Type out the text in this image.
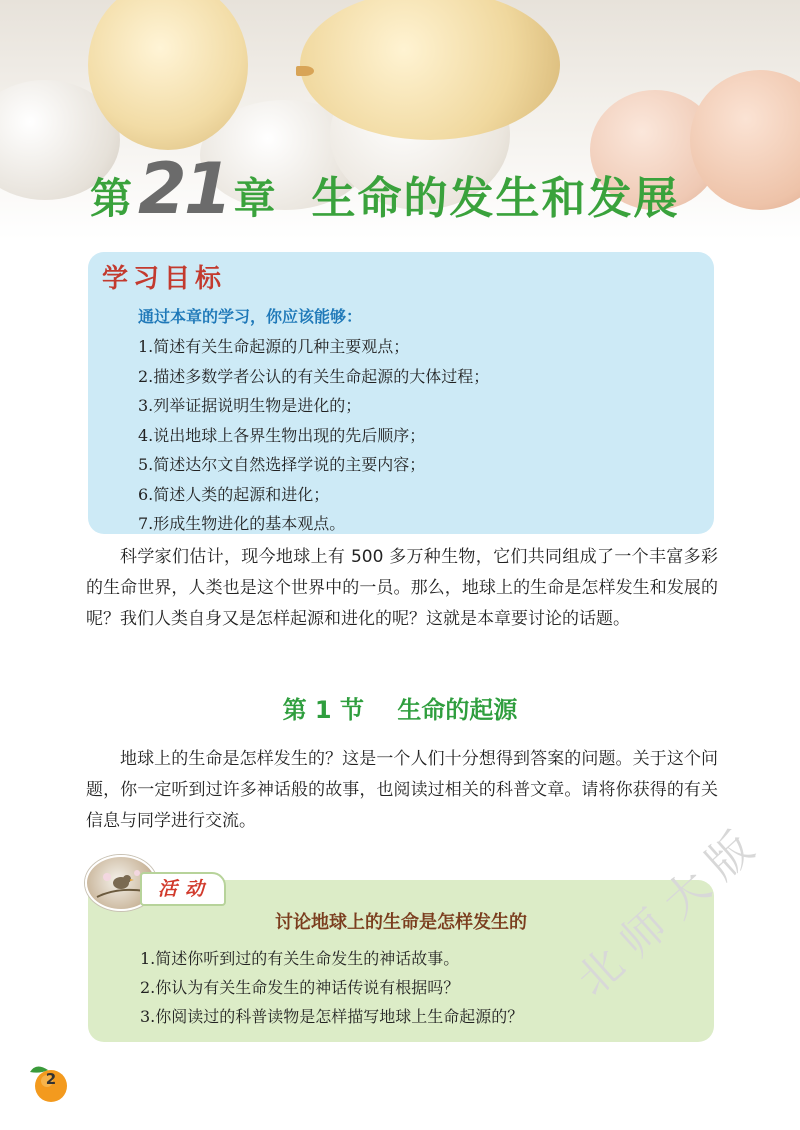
第 21 章 生命的发生和发展
学习目标
通过本章的学习，你应该能够：
1.简述有关生命起源的几种主要观点；
2.描述多数学者公认的有关生命起源的大体过程；
3.列举证据说明生物是进化的；
4.说出地球上各界生物出现的先后顺序；
5.简述达尔文自然选择学说的主要内容；
6.简述人类的起源和进化；
7.形成生物进化的基本观点。

科学家们估计，现今地球上有 500 多万种生物，它们共同组成了一个丰富多彩的生命世界，人类也是这个世界中的一员。那么，地球上的生命是怎样发生和发展的呢？我们人类自身又是怎样起源和进化的呢？这就是本章要讨论的话题。

第 1 节    生命的起源

地球上的生命是怎样发生的？这是一个人们十分想得到答案的问题。关于这个问题，你一定听到过许多神话般的故事，也阅读过相关的科普文章。请将你获得的有关信息与同学进行交流。

活动
讨论地球上的生命是怎样发生的
1.简述你听到过的有关生命发生的神话故事。
2.你认为有关生命发生的神话传说有根据吗？
3.你阅读过的科普读物是怎样描写地球上生命起源的？
2
北师大版
